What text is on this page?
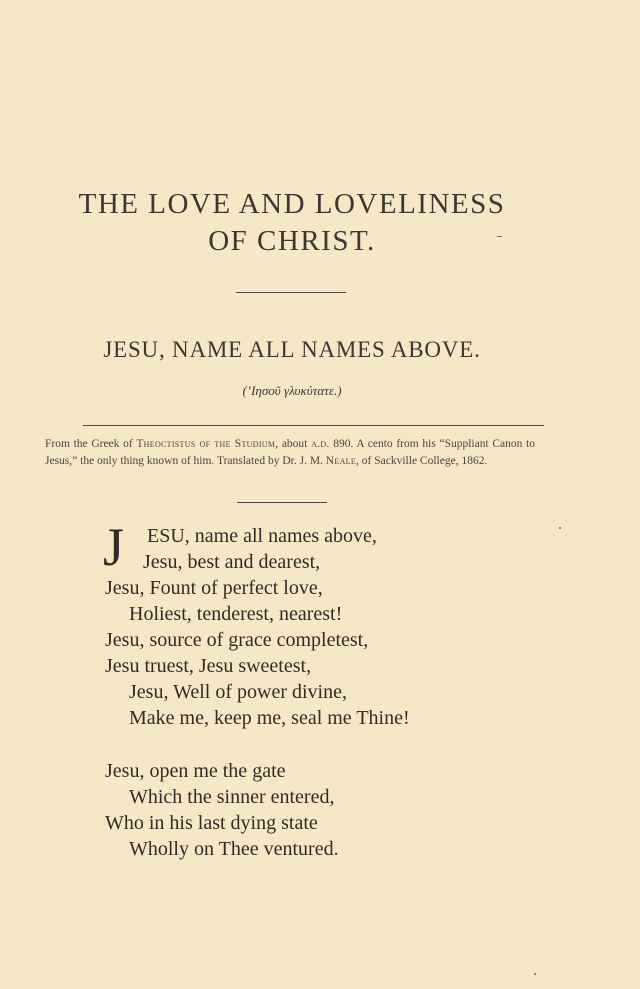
THE LOVE AND LOVELINESS
OF CHRIST.
JESU, NAME ALL NAMES ABOVE.
(’Ιησοῦ γλυκύτατε.)

From the Greek of Theoctistus of the Studium, about a.d. 890. A cento from his “Suppliant Canon to Jesus,” the only thing known of him. Translated by Dr. J. M. Neale, of Sackville College, 1862.

J ESU, name all names above,
Jesu, best and dearest,
Jesu, Fount of perfect love,
Holiest, tenderest, nearest!
Jesu, source of grace completest,
Jesu truest, Jesu sweetest,
Jesu, Well of power divine,
Make me, keep me, seal me Thine!
Jesu, open me the gate
Which the sinner entered,
Who in his last dying state
Wholly on Thee ventured.
